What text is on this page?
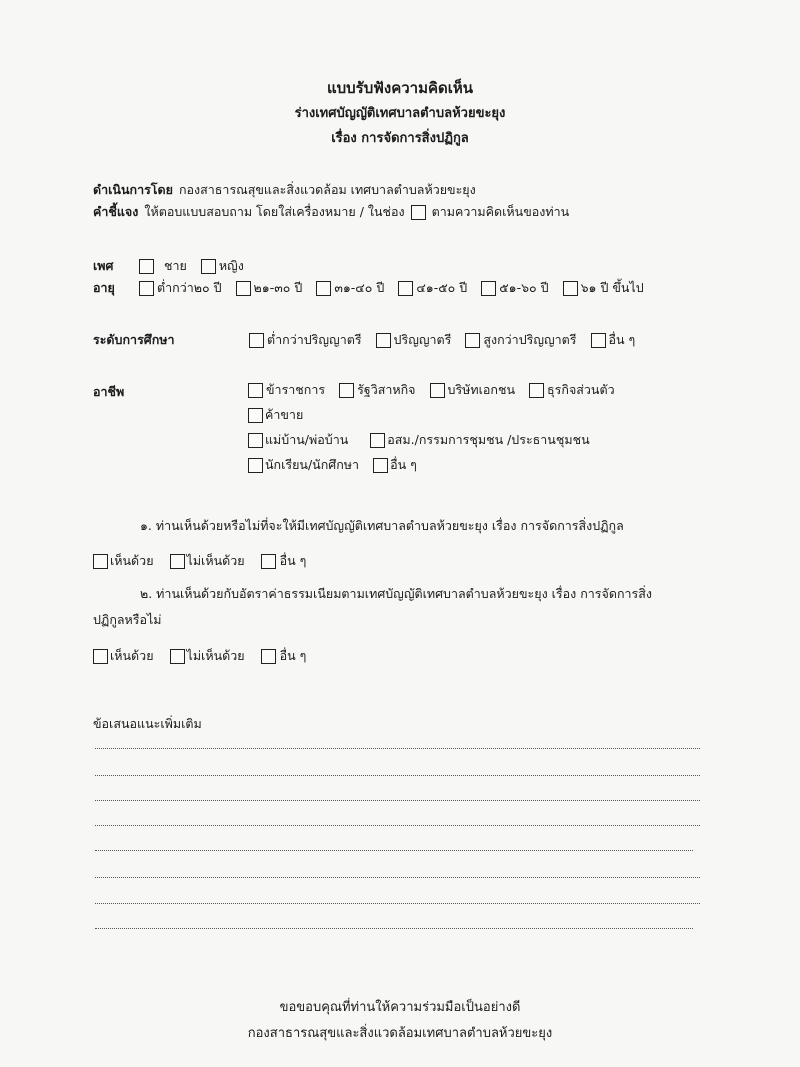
แบบรับฟังความคิดเห็น
ร่างเทศบัญญัติเทศบาลตำบลห้วยขะยุง
เรื่อง การจัดการสิ่งปฏิกูล
ดำเนินการโดย กองสาธารณสุขและสิ่งแวดล้อม เทศบาลตำบลห้วยขะยุง
คำชี้แจง ให้ตอบแบบสอบถาม โดยใส่เครื่องหมาย / ในช่อง ตามความคิดเห็นของท่าน
เพศ
	ชาย	หญิง
อายุ	ต่ำกว่า๒๐ ปี	๒๑-๓๐ ปี	๓๑-๔๐ ปี	๔๑-๕๐ ปี	๕๑-๖๐ ปี	๖๑ ปี ขึ้นไป
ระดับการศึกษา	ต่ำกว่าปริญญาตรี	ปริญญาตรี	สูงกว่าปริญญาตรี	อื่น ๆ
อาชีพ	ข้าราชการ	รัฐวิสาหกิจ	บริษัทเอกชน	ธุรกิจส่วนตัว
ค้าขาย
แม่บ้าน/พ่อบ้าน	อสม./กรรมการชุมชน /ประธานชุมชน
นักเรียน/นักศึกษา อื่น ๆ
๑. ท่านเห็นด้วยหรือไม่ที่จะให้มีเทศบัญญัติเทศบาลตำบลห้วยขะยุง เรื่อง การจัดการสิ่งปฏิกูล
เห็นด้วย	ไม่เห็นด้วย	อื่น ๆ
๒. ท่านเห็นด้วยกับอัตราค่าธรรมเนียมตามเทศบัญญัติเทศบาลตำบลห้วยขะยุง เรื่อง การจัดการสิ่ง
ปฏิกูลหรือไม่
เห็นด้วย	ไม่เห็นด้วย	อื่น ๆ
ข้อเสนอแนะเพิ่มเติม
ขอขอบคุณที่ท่านให้ความร่วมมือเป็นอย่างดี
กองสาธารณสุขและสิ่งแวดล้อมเทศบาลตำบลห้วยขะยุง
